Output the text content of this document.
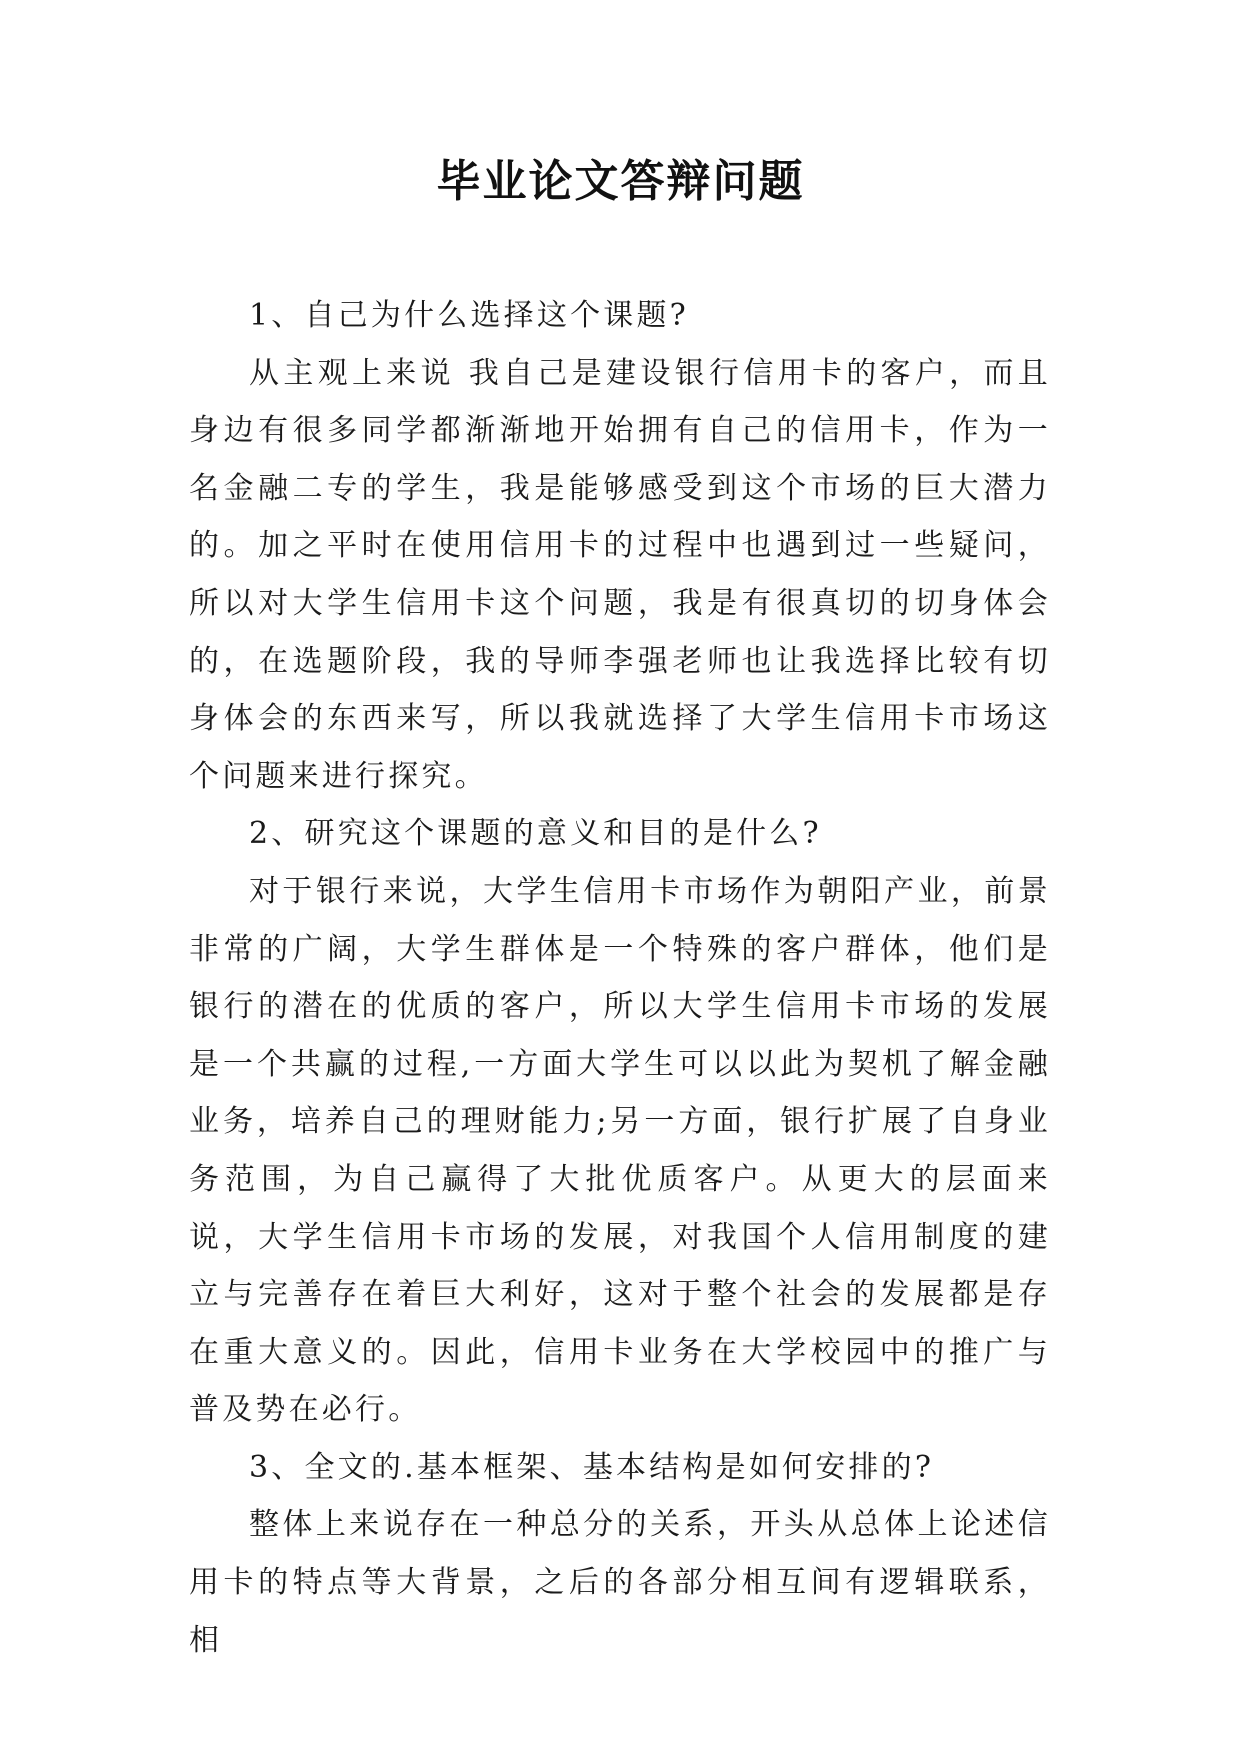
毕业论文答辩问题

1、自己为什么选择这个课题?

从主观上来说 我自己是建设银行信用卡的客户，而且身边有很多同学都渐渐地开始拥有自己的信用卡，作为一名金融二专的学生，我是能够感受到这个市场的巨大潜力的。加之平时在使用信用卡的过程中也遇到过一些疑问，所以对大学生信用卡这个问题，我是有很真切的切身体会的，在选题阶段，我的导师李强老师也让我选择比较有切身体会的东西来写，所以我就选择了大学生信用卡市场这个问题来进行探究。

2、研究这个课题的意义和目的是什么?

对于银行来说，大学生信用卡市场作为朝阳产业，前景非常的广阔，大学生群体是一个特殊的客户群体，他们是银行的潜在的优质的客户，所以大学生信用卡市场的发展是一个共赢的过程,一方面大学生可以以此为契机了解金融业务，培养自己的理财能力;另一方面，银行扩展了自身业务范围，为自己赢得了大批优质客户。从更大的层面来说，大学生信用卡市场的发展，对我国个人信用制度的建立与完善存在着巨大利好，这对于整个社会的发展都是存在重大意义的。因此，信用卡业务在大学校园中的推广与普及势在必行。

3、全文的.基本框架、基本结构是如何安排的?

整体上来说存在一种总分的关系，开头从总体上论述信用卡的特点等大背景，之后的各部分相互间有逻辑联系，相
